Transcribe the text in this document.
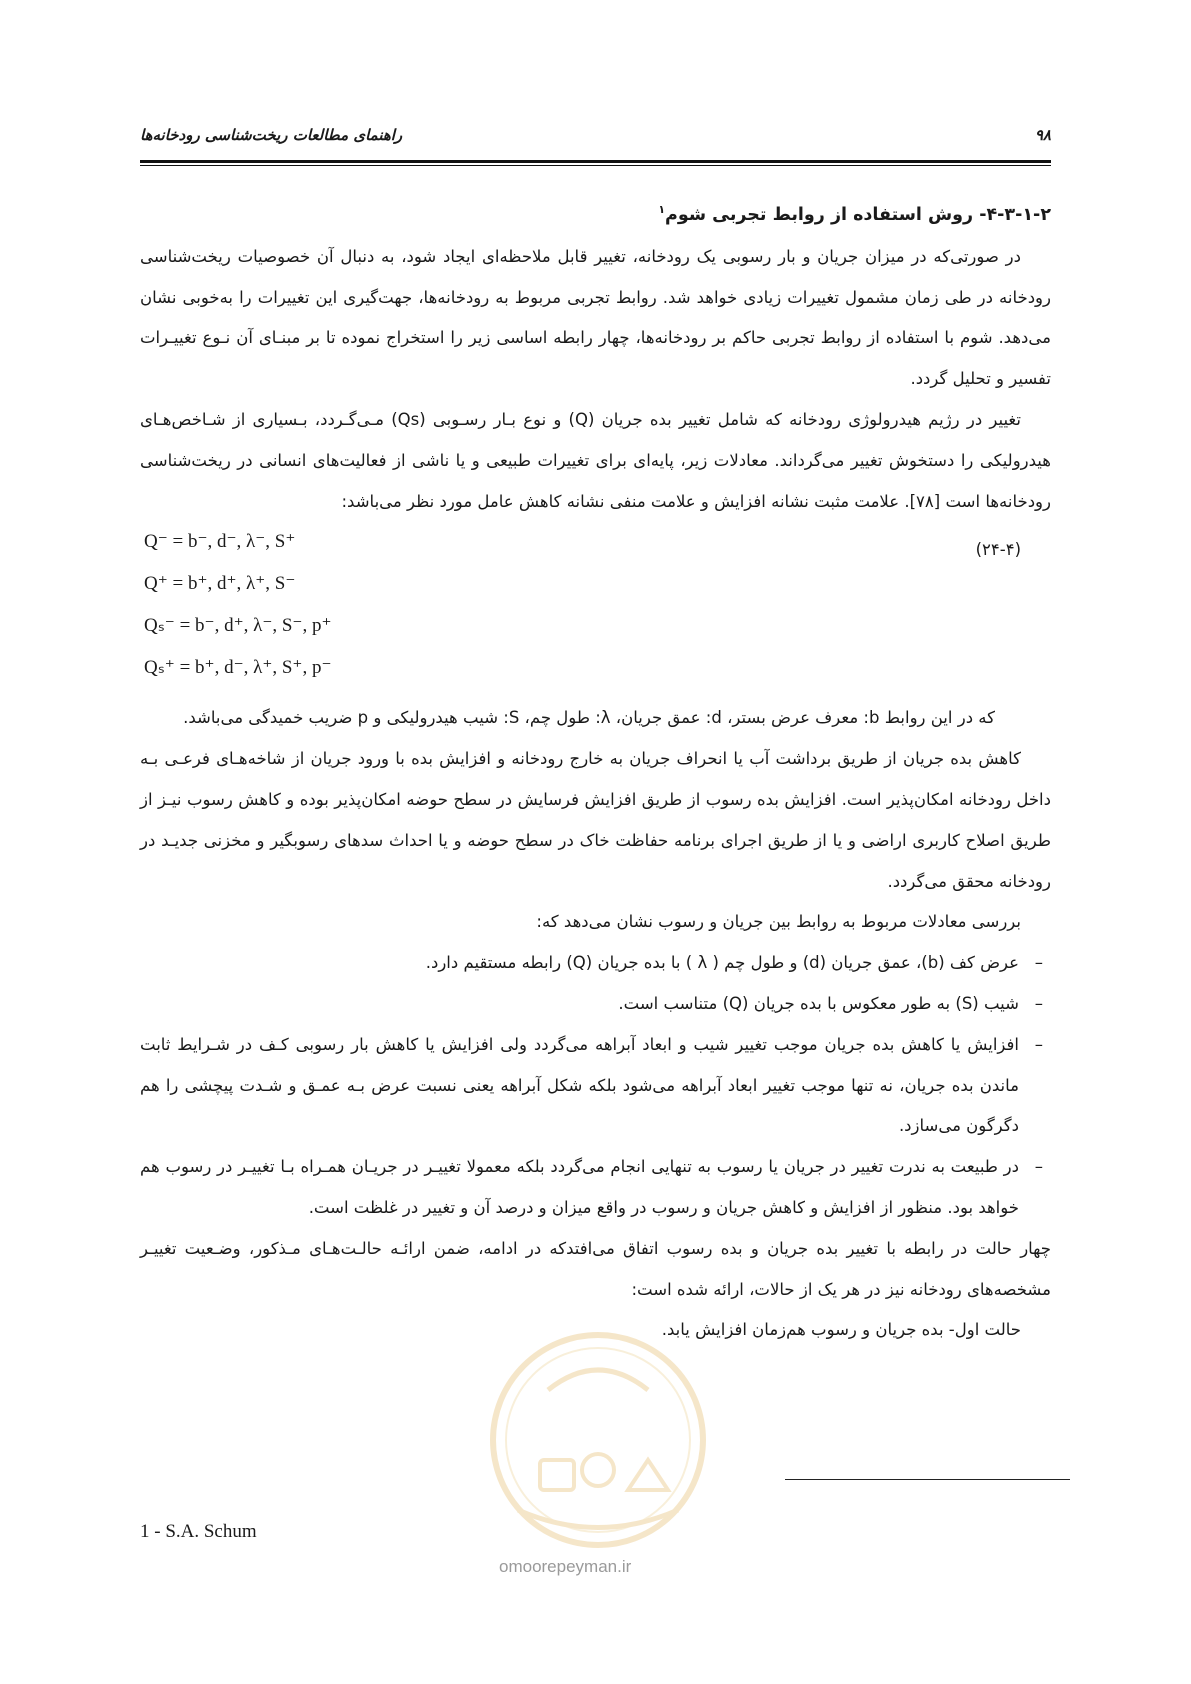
راهنمای مطالعات ریخت‌شناسی رودخانه‌ها	۹۸
۴-۳-۱-۲- روش استفاده از روابط تجربی شوم$^۱$

در صورتی‌که در میزان جریان و بار رسوبی یک رودخانه، تغییر قابل ملاحظه‌ای ایجاد شود، به دنبال آن خصوصیات ریخت‌شناسی رودخانه در طی زمان مشمول تغییرات زیادی خواهد شد. روابط تجربی مربوط به رودخانه‌ها، جهت‌گیری این تغییرات را به‌خوبی نشان می‌دهد. شوم با استفاده از روابط تجربی حاکم بر رودخانه‌ها، چهار رابطه اساسی زیر را استخراج نموده تا بر مبنـای آن نـوع تغییـرات تفسیر و تحلیل گردد.

تغییر در رژیم هیدرولوژی رودخانه که شامل تغییر بده جریان (Q) و نوع بـار رسـوبی (Qs) مـی‌گـردد، بـسیاری از شـاخص‌هـای هیدرولیکی را دستخوش تغییر می‌گرداند. معادلات زیر، پایه‌ای برای تغییرات طبیعی و یا ناشی از فعالیت‌های انسانی در ریخت‌شناسی رودخانه‌ها است [۷۸]. علامت مثبت نشانه افزایش و علامت منفی نشانه کاهش عامل مورد نظر می‌باشد:

Q⁻ = b⁻, d⁻, λ⁻, S⁺
Q⁺ = b⁺, d⁺, λ⁺, S⁻
Qₛ⁻ = b⁻, d⁺, λ⁻, S⁻, p⁺
Qₛ⁺ = b⁺, d⁻, λ⁺, S⁺, p⁻
(۲۴-۴)

که در این روابط b: معرف عرض بستر، d: عمق جریان، λ: طول چم، S: شیب هیدرولیکی و p ضریب خمیدگی می‌باشد.

کاهش بده جریان از طریق برداشت آب یا انحراف جریان به خارج رودخانه و افزایش بده با ورود جریان از شاخه‌هـای فرعـی بـه داخل رودخانه امکان‌پذیر است. افزایش بده رسوب از طریق افزایش فرسایش در سطح حوضه امکان‌پذیر بوده و کاهش رسوب نیـز از طریق اصلاح کاربری اراضی و یا از طریق اجرای برنامه حفاظت خاک در سطح حوضه و یا احداث سدهای رسوبگیر و مخزنی جدیـد در رودخانه محقق می‌گردد.

بررسی معادلات مربوط به روابط بین جریان و رسوب نشان می‌دهد که:

–
عرض کف (b)، عمق جریان (d) و طول چم ( λ ) با بده جریان (Q) رابطه مستقیم دارد.
–
شیب (S) به طور معکوس با بده جریان (Q) متناسب است.
–
افزایش یا کاهش بده جریان موجب تغییر شیب و ابعاد آبراهه می‌گردد ولی افزایش یا کاهش بار رسوبی کـف در شـرایط ثابت ماندن بده جریان، نه تنها موجب تغییر ابعاد آبراهه می‌شود بلکه شکل آبراهه یعنی نسبت عرض بـه عمـق و شـدت پیچشی را هم دگرگون می‌سازد.
–
در طبیعت به ندرت تغییر در جریان یا رسوب به تنهایی انجام می‌گردد بلکه معمولا تغییـر در جریـان همـراه بـا تغییـر در رسوب هم خواهد بود. منظور از افزایش و کاهش جریان و رسوب در واقع میزان و درصد آن و تغییر در غلظت است.

چهار حالت در رابطه با تغییر بده جریان و بده رسوب اتفاق می‌افتدکه در ادامه، ضمن ارائـه حالـت‌هـای مـذکور، وضـعیت تغییـر مشخصه‌های رودخانه نیز در هر یک از حالات، ارائه شده است:

حالت اول- بده جریان و رسوب هم‌زمان افزایش یابد.

omoorepeyman.ir
1 - S.A. Schum
